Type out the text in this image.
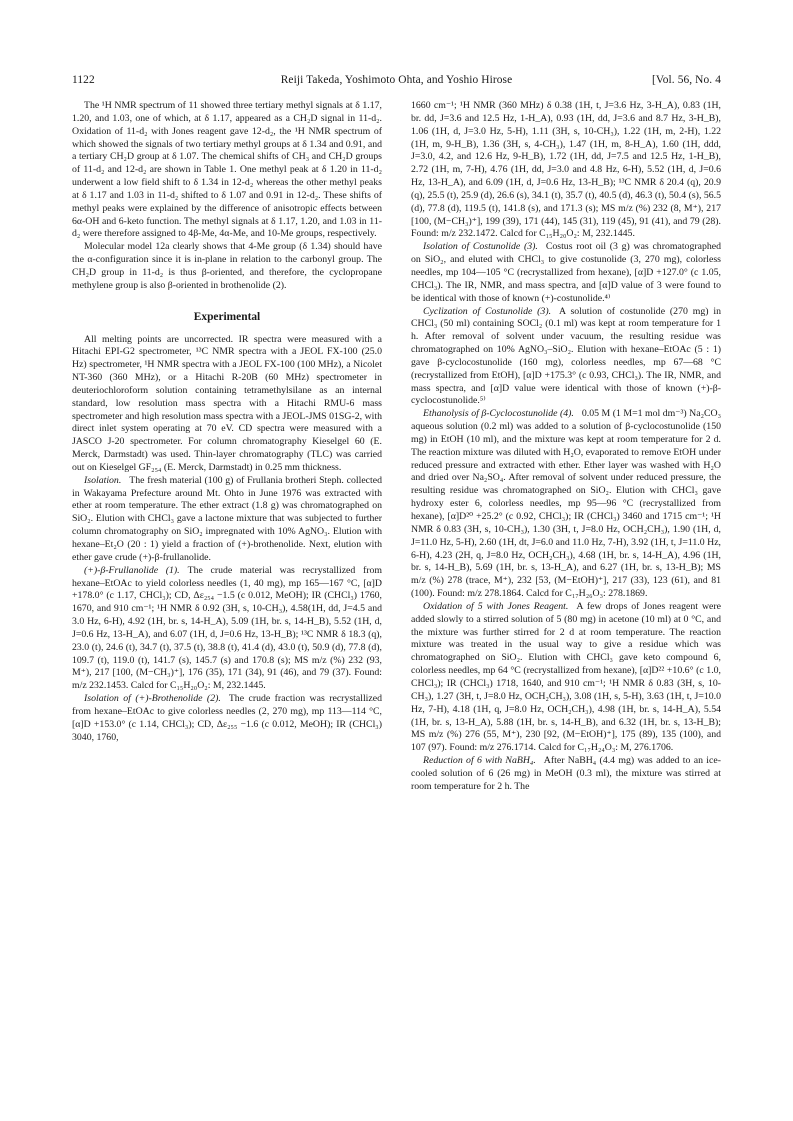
1122	Reiji Takeda, Yoshimoto Ohta, and Yoshio Hirose	[Vol. 56, No. 4

The ¹H NMR spectrum of 11 showed three tertiary methyl signals at δ 1.17, 1.20, and 1.03, one of which, at δ 1.17, appeared as a CH₂D signal in 11-d₂. Oxidation of 11-d₂ with Jones reagent gave 12-d₂, the ¹H NMR spectrum of which showed the signals of two tertiary methyl groups at δ 1.34 and 0.91, and a tertiary CH₂D group at δ 1.07. The chemical shifts of CH₃ and CH₂D groups of 11-d₂ and 12-d₂ are shown in Table 1. One methyl peak at δ 1.20 in 11-d₂ underwent a low field shift to δ 1.34 in 12-d₂ whereas the other methyl peaks at δ 1.17 and 1.03 in 11-d₂ shifted to δ 1.07 and 0.91 in 12-d₂. These shifts of methyl peaks were explained by the difference of anisotropic effects between 6α-OH and 6-keto function. The methyl signals at δ 1.17, 1.20, and 1.03 in 11-d₂ were therefore assigned to 4β-Me, 4α-Me, and 10-Me groups, respectively.

Molecular model 12a clearly shows that 4-Me group (δ 1.34) should have the α-configuration since it is in-plane in relation to the carbonyl group. The CH₂D group in 11-d₂ is thus β-oriented, and therefore, the cyclopropane methylene group is also β-oriented in brothenolide (2).

Experimental

All melting points are uncorrected. IR spectra were measured with a Hitachi EPI-G2 spectrometer, ¹³C NMR spectra with a JEOL FX-100 (25.0 Hz) spectrometer, ¹H NMR spectra with a JEOL FX-100 (100 MHz), a Nicolet NT-360 (360 MHz), or a Hitachi R-20B (60 MHz) spectrometer in deuteriochloroform solution containing tetramethylsilane as an internal standard, low resolution mass spectra with a Hitachi RMU-6 mass spectrometer and high resolution mass spectra with a JEOL-JMS 01SG-2, with direct inlet system operating at 70 eV. CD spectra were measured with a JASCO J-20 spectrometer. For column chromatography Kieselgel 60 (E. Merck, Darmstadt) was used. Thin-layer chromatography (TLC) was carried out on Kieselgel GF₂₅₄ (E. Merck, Darmstadt) in 0.25 mm thickness.

Isolation. The fresh material (100 g) of Frullania brotheri Steph. collected in Wakayama Prefecture around Mt. Ohto in June 1976 was extracted with ether at room temperature. The ether extract (1.8 g) was chromatographed on SiO₂. Elution with CHCl₃ gave a lactone mixture that was subjected to further column chromatography on SiO₂ impregnated with 10% AgNO₃. Elution with hexane–Et₂O (20 : 1) yield a fraction of (+)-brothenolide. Next, elution with ether gave crude (+)-β-frullanolide.

(+)-β-Frullanolide (1). The crude material was recrystallized from hexane–EtOAc to yield colorless needles (1, 40 mg), mp 165—167 °C, [α]D +178.0° (c 1.17, CHCl₃); CD, Δε₂₅₄ −1.5 (c 0.012, MeOH); IR (CHCl₃) 1760, 1670, and 910 cm⁻¹; ¹H NMR δ 0.92 (3H, s, 10-CH₃), 4.58(1H, dd, J=4.5 and 3.0 Hz, 6-H), 4.92 (1H, br. s, 14-H_A), 5.09 (1H, br. s, 14-H_B), 5.52 (1H, d, J=0.6 Hz, 13-H_A), and 6.07 (1H, d, J=0.6 Hz, 13-H_B); ¹³C NMR δ 18.3 (q), 23.0 (t), 24.6 (t), 34.7 (t), 37.5 (t), 38.8 (t), 41.4 (d), 43.0 (t), 50.9 (d), 77.8 (d), 109.7 (t), 119.0 (t), 141.7 (s), 145.7 (s) and 170.8 (s); MS m/z (%) 232 (93, M⁺), 217 [100, (M−CH₃)⁺], 176 (35), 171 (34), 91 (46), and 79 (37). Found: m/z 232.1453. Calcd for C₁₅H₂₀O₂: M, 232.1445.

Isolation of (+)-Brothenolide (2). The crude fraction was recrystallized from hexane–EtOAc to give colorless needles (2, 270 mg), mp 113—114 °C, [α]D +153.0° (c 1.14, CHCl₃); CD, Δε₂₅₅ −1.6 (c 0.012, MeOH); IR (CHCl₃) 3040, 1760,

1660 cm⁻¹; ¹H NMR (360 MHz) δ 0.38 (1H, t, J=3.6 Hz, 3-H_A), 0.83 (1H, br. dd, J=3.6 and 12.5 Hz, 1-H_A), 0.93 (1H, dd, J=3.6 and 8.7 Hz, 3-H_B), 1.06 (1H, d, J=3.0 Hz, 5-H), 1.11 (3H, s, 10-CH₃), 1.22 (1H, m, 2-H), 1.22 (1H, m, 9-H_B), 1.36 (3H, s, 4-CH₃), 1.47 (1H, m, 8-H_A), 1.60 (1H, ddd, J=3.0, 4.2, and 12.6 Hz, 9-H_B), 1.72 (1H, dd, J=7.5 and 12.5 Hz, 1-H_B), 2.72 (1H, m, 7-H), 4.76 (1H, dd, J=3.0 and 4.8 Hz, 6-H), 5.52 (1H, d, J=0.6 Hz, 13-H_A), and 6.09 (1H, d, J=0.6 Hz, 13-H_B); ¹³C NMR δ 20.4 (q), 20.9 (q), 25.5 (t), 25.9 (d), 26.6 (s), 34.1 (t), 35.7 (t), 40.5 (d), 46.3 (t), 50.4 (s), 56.5 (d), 77.8 (d), 119.5 (t), 141.8 (s), and 171.3 (s); MS m/z (%) 232 (8, M⁺), 217 [100, (M−CH₃)⁺], 199 (39), 171 (44), 145 (31), 119 (45), 91 (41), and 79 (28). Found: m/z 232.1472. Calcd for C₁₅H₂₀O₂: M, 232.1445.

Isolation of Costunolide (3). Costus root oil (3 g) was chromatographed on SiO₂, and eluted with CHCl₃ to give costunolide (3, 270 mg), colorless needles, mp 104—105 °C (recrystallized from hexane), [α]D +127.0° (c 1.05, CHCl₃). The IR, NMR, and mass spectra, and [α]D value of 3 were found to be identical with those of known (+)-costunolide.⁴⁾

Cyclization of Costunolide (3). A solution of costunolide (270 mg) in CHCl₃ (50 ml) containing SOCl₂ (0.1 ml) was kept at room temperature for 1 h. After removal of solvent under vacuum, the resulting residue was chromatographed on 10% AgNO₃–SiO₂. Elution with hexane–EtOAc (5 : 1) gave β-cyclocostunolide (160 mg), colorless needles, mp 67—68 °C (recrystallized from EtOH), [α]D +175.3° (c 0.93, CHCl₃). The IR, NMR, and mass spectra, and [α]D value were identical with those of known (+)-β-cyclocostunolide.⁵⁾

Ethanolysis of β-Cyclocostunolide (4). 0.05 M (1 M=1 mol dm⁻³) Na₂CO₃ aqueous solution (0.2 ml) was added to a solution of β-cyclocostunolide (150 mg) in EtOH (10 ml), and the mixture was kept at room temperature for 2 d. The reaction mixture was diluted with H₂O, evaporated to remove EtOH under reduced pressure and extracted with ether. Ether layer was washed with H₂O and dried over Na₂SO₄. After removal of solvent under reduced pressure, the resulting residue was chromatographed on SiO₂. Elution with CHCl₃ gave hydroxy ester 6, colorless needles, mp 95—96 °C (recrystallized from hexane), [α]D²⁰ +25.2° (c 0.92, CHCl₃); IR (CHCl₃) 3460 and 1715 cm⁻¹; ¹H NMR δ 0.83 (3H, s, 10-CH₃), 1.30 (3H, t, J=8.0 Hz, OCH₂CH₃), 1.90 (1H, d, J=11.0 Hz, 5-H), 2.60 (1H, dt, J=6.0 and 11.0 Hz, 7-H), 3.92 (1H, t, J=11.0 Hz, 6-H), 4.23 (2H, q, J=8.0 Hz, OCH₂CH₃), 4.68 (1H, br. s, 14-H_A), 4.96 (1H, br. s, 14-H_B), 5.69 (1H, br. s, 13-H_A), and 6.27 (1H, br. s, 13-H_B); MS m/z (%) 278 (trace, M⁺), 232 [53, (M−EtOH)⁺], 217 (33), 123 (61), and 81 (100). Found: m/z 278.1864. Calcd for C₁₇H₂₆O₃: 278.1869.

Oxidation of 5 with Jones Reagent. A few drops of Jones reagent were added slowly to a stirred solution of 5 (80 mg) in acetone (10 ml) at 0 °C, and the mixture was further stirred for 2 d at room temperature. The reaction mixture was treated in the usual way to give a residue which was chromatographed on SiO₂. Elution with CHCl₃ gave keto compound 6, colorless needles, mp 64 °C (recrystallized from hexane), [α]D²² +10.6° (c 1.0, CHCl₃); IR (CHCl₃) 1718, 1640, and 910 cm⁻¹; ¹H NMR δ 0.83 (3H, s, 10-CH₃), 1.27 (3H, t, J=8.0 Hz, OCH₂CH₃), 3.08 (1H, s, 5-H), 3.63 (1H, t, J=10.0 Hz, 7-H), 4.18 (1H, q, J=8.0 Hz, OCH₂CH₃), 4.98 (1H, br. s, 14-H_A), 5.54 (1H, br. s, 13-H_A), 5.88 (1H, br. s, 14-H_B), and 6.32 (1H, br. s, 13-H_B); MS m/z (%) 276 (55, M⁺), 230 [92, (M−EtOH)⁺], 175 (89), 135 (100), and 107 (97). Found: m/z 276.1714. Calcd for C₁₇H₂₄O₃: M, 276.1706.

Reduction of 6 with NaBH₄. After NaBH₄ (4.4 mg) was added to an ice-cooled solution of 6 (26 mg) in MeOH (0.3 ml), the mixture was stirred at room temperature for 2 h. The
